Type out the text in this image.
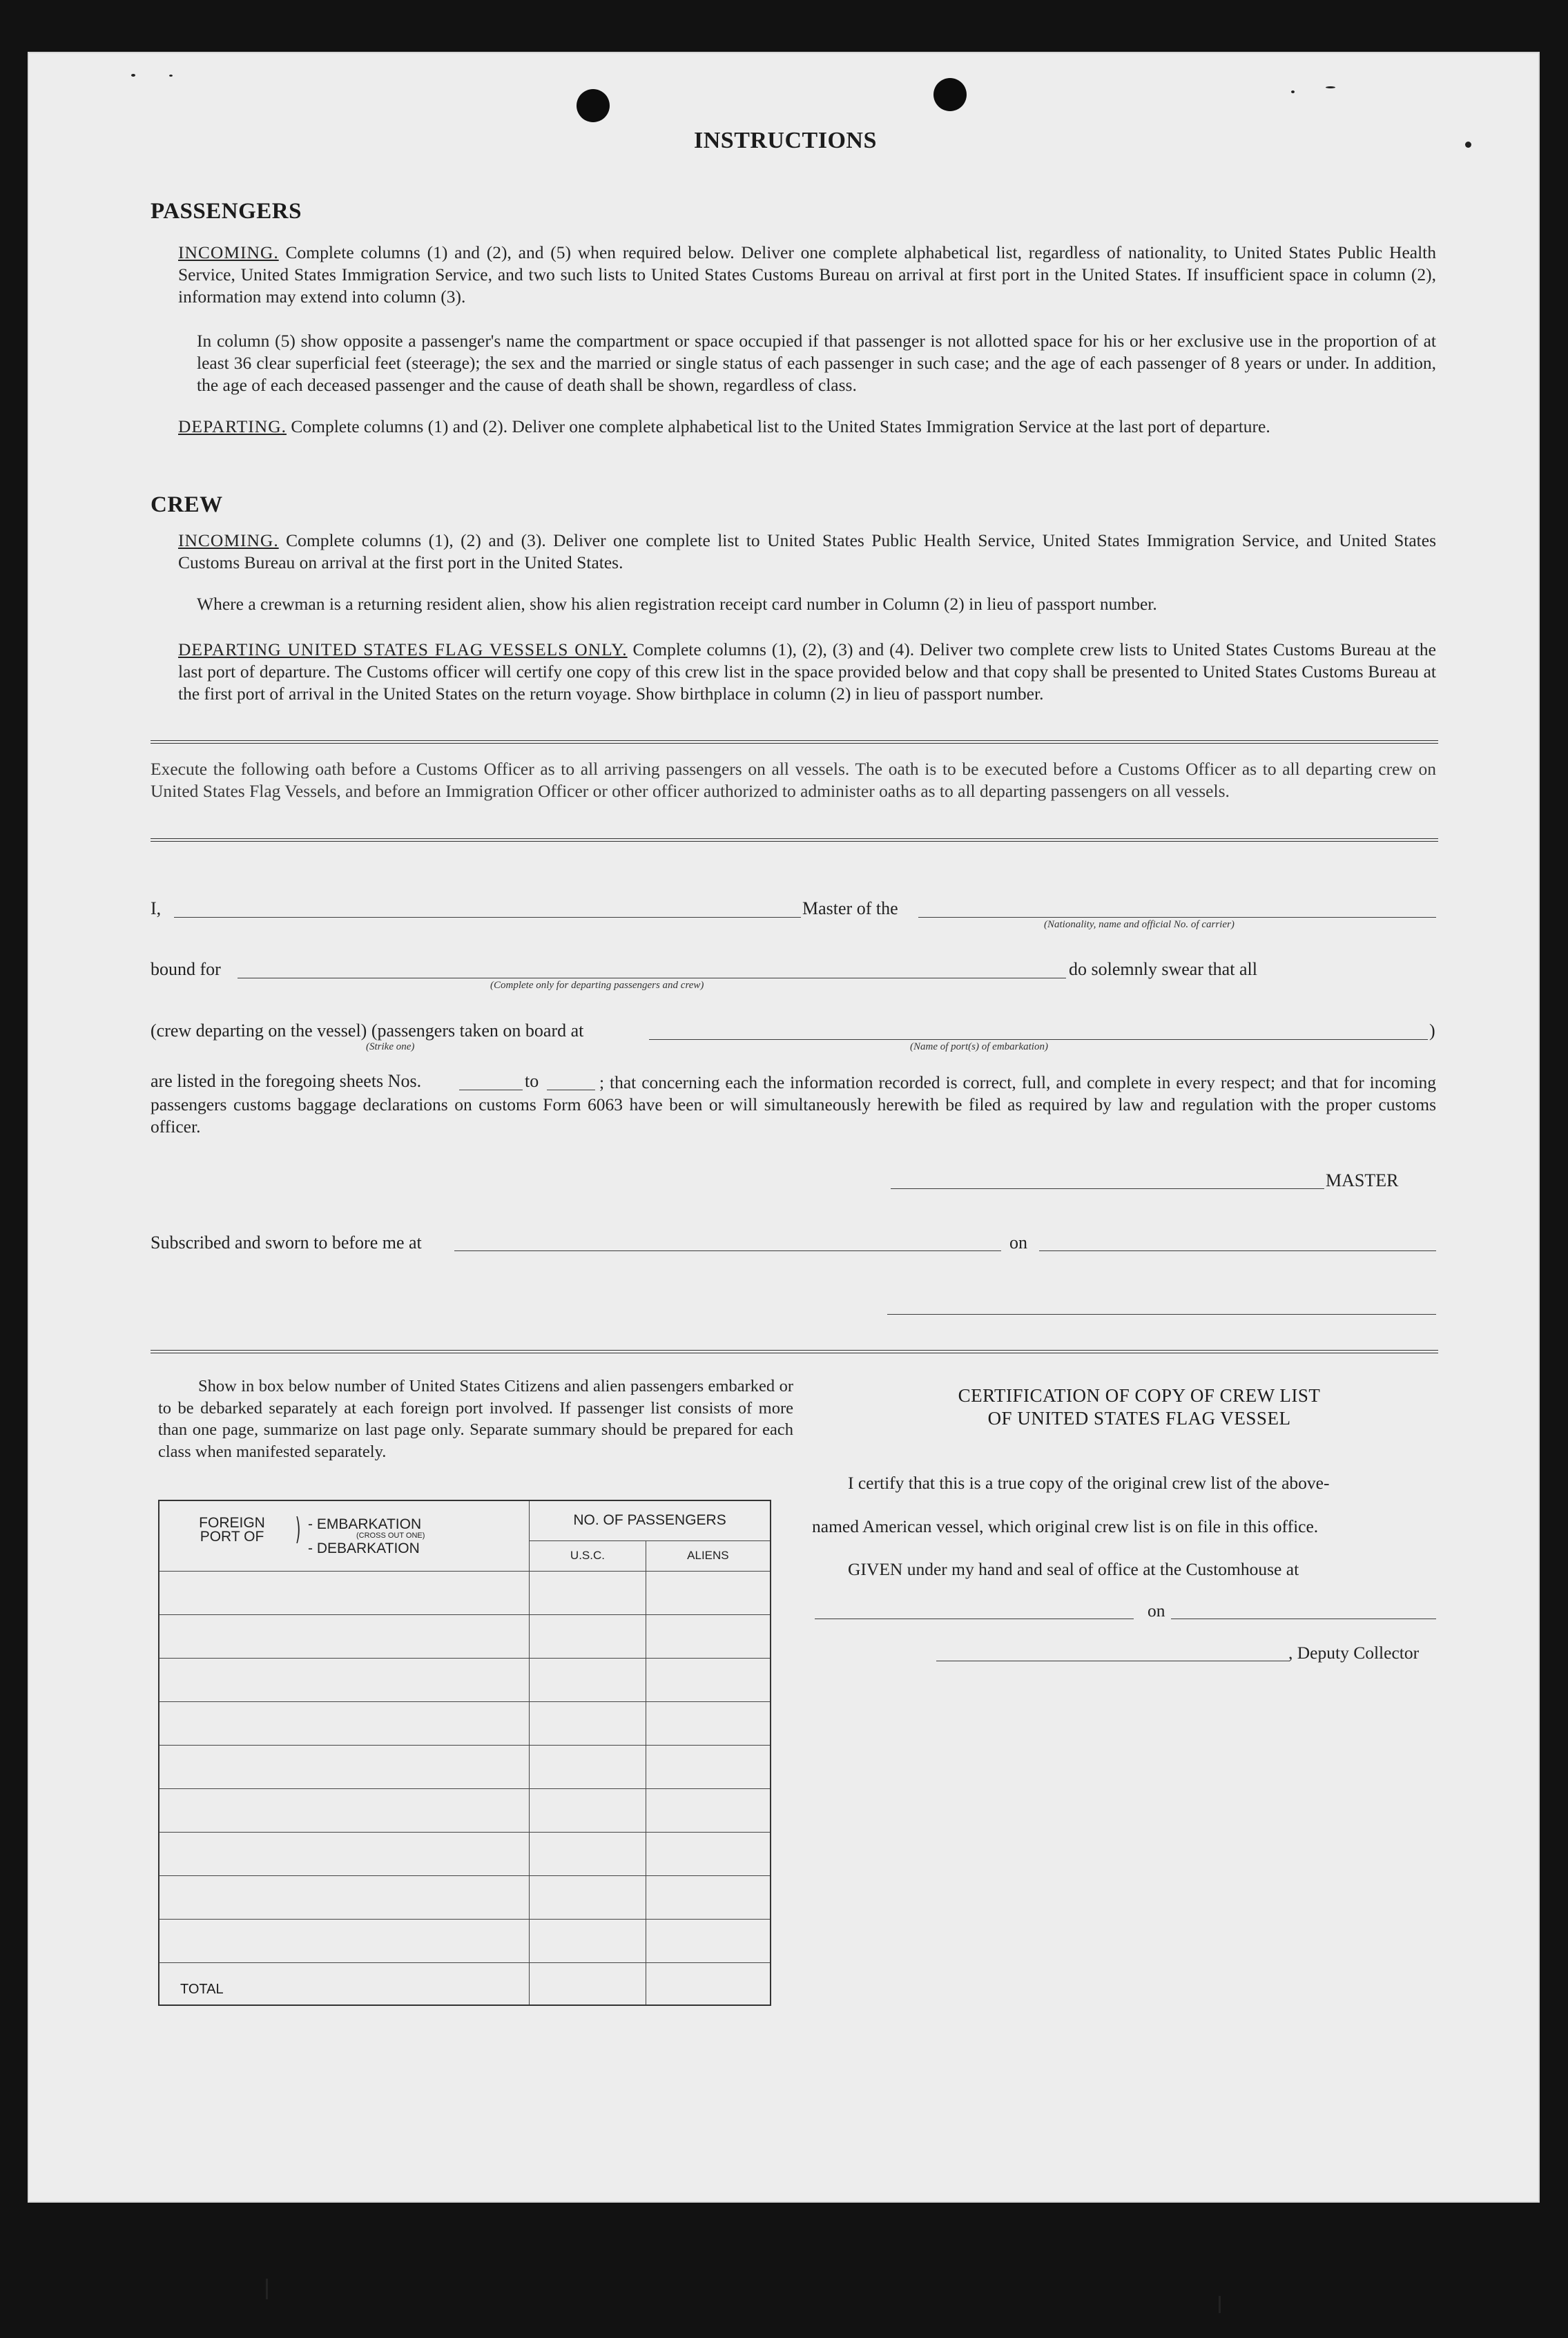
INSTRUCTIONS
PASSENGERS
INCOMING. Complete columns (1) and (2), and (5) when required below. Deliver one complete alphabetical list, regardless of nationality, to United States Public Health Service, United States Immigration Service, and two such lists to United States Customs Bureau on arrival at first port in the United States. If insufficient space in column (2), information may extend into column (3).
In column (5) show opposite a passenger's name the compartment or space occupied if that passenger is not allotted space for his or her exclusive use in the proportion of at least 36 clear superficial feet (steerage); the sex and the married or single status of each passenger in such case; and the age of each passenger of 8 years or under. In addition, the age of each deceased passenger and the cause of death shall be shown, regardless of class.
DEPARTING. Complete columns (1) and (2). Deliver one complete alphabetical list to the United States Immigration Service at the last port of departure.
CREW
INCOMING. Complete columns (1), (2) and (3). Deliver one complete list to United States Public Health Service, United States Immigration Service, and United States Customs Bureau on arrival at the first port in the United States.
Where a crewman is a returning resident alien, show his alien registration receipt card number in Column (2) in lieu of passport number.
DEPARTING UNITED STATES FLAG VESSELS ONLY. Complete columns (1), (2), (3) and (4). Deliver two complete crew lists to United States Customs Bureau at the last port of departure. The Customs officer will certify one copy of this crew list in the space provided below and that copy shall be presented to United States Customs Bureau at the first port of arrival in the United States on the return voyage. Show birthplace in column (2) in lieu of passport number.
Execute the following oath before a Customs Officer as to all arriving passengers on all vessels. The oath is to be executed before a Customs Officer as to all departing crew on United States Flag Vessels, and before an Immigration Officer or other officer authorized to administer oaths as to all departing passengers on all vessels.
I,	Master of the
(Nationality, name and official No. of carrier)
bound for
(Complete only for departing passengers and crew)
do solemnly swear that all
(crew departing on the vessel) (passengers taken on board at
(Strike one)	(Name of port(s) of embarkation)
)
are listed in the foregoing sheets Nos.	to	; that concerning each the information recorded is correct, full, and complete in every respect; and that for incoming passengers customs baggage declarations on customs Form 6063 have been or will simultaneously herewith be filed as required by law and regulation with the proper customs officer.
MASTER
Subscribed and sworn to before me at	on
Show in box below number of United States Citizens and alien passengers embarked or to be debarked separately at each foreign port involved. If passenger list consists of more than one page, summarize on last page only. Separate summary should be prepared for each class when manifested separately.
CERTIFICATION OF COPY OF CREW LIST
OF UNITED STATES FLAG VESSEL
I certify that this is a true copy of the original crew list of the above-
named American vessel, which original crew list is on file in this office.
GIVEN under my hand and seal of office at the Customhouse at
on
, Deputy Collector
FOREIGN PORT OF ) - EMBARKATION
(CROSS OUT ONE)
- DEBARKATION	NO. OF PASSENGERS	
	U.S.C.	ALIENS

TOTAL		
